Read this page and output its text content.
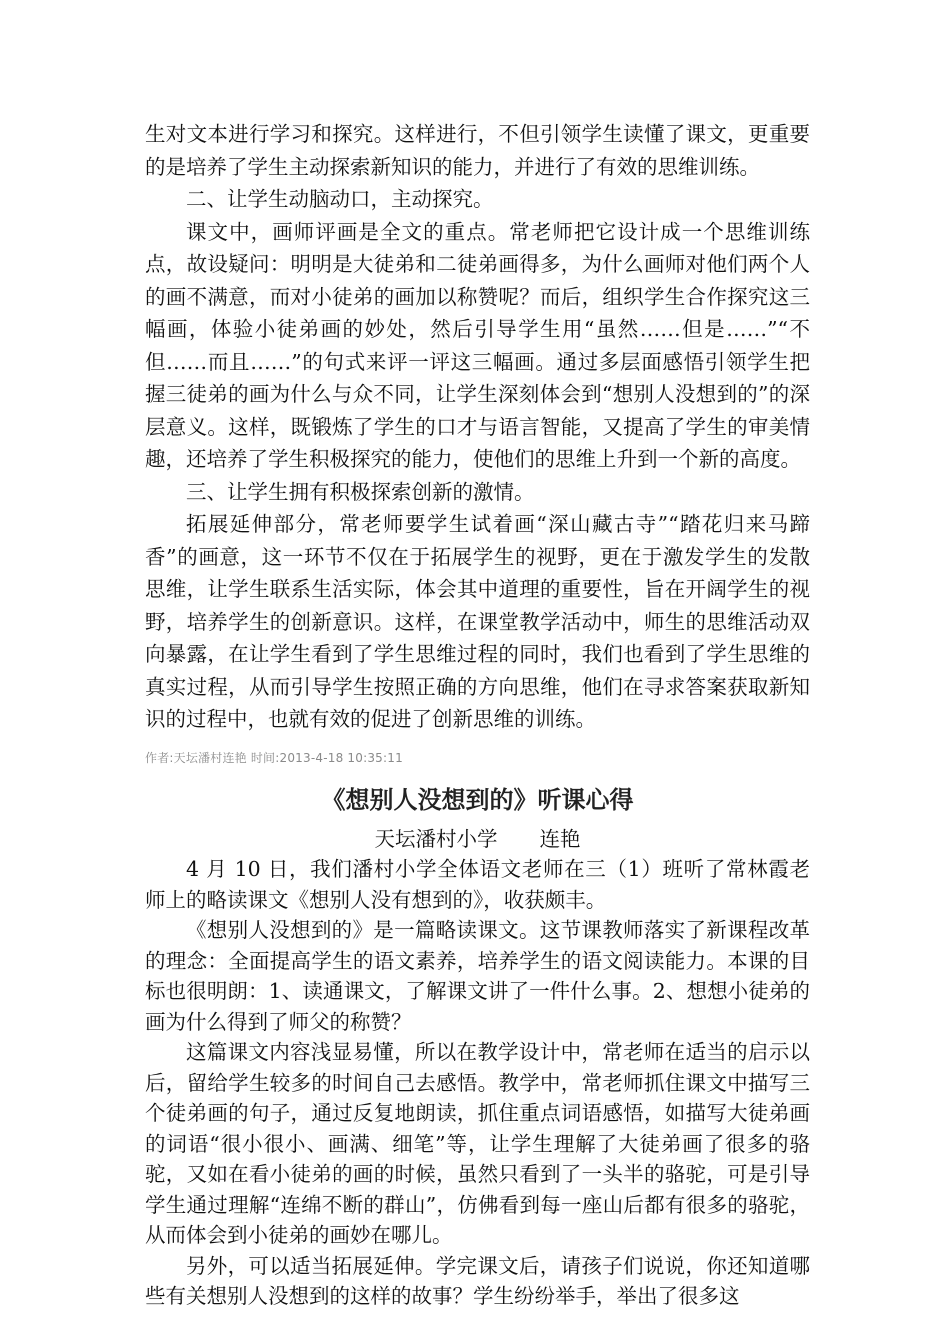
生对文本进行学习和探究。这样进行，不但引领学生读懂了课文，更重要的是培养了学生主动探索新知识的能力，并进行了有效的思维训练。

二、让学生动脑动口，主动探究。

课文中，画师评画是全文的重点。常老师把它设计成一个思维训练点，故设疑问：明明是大徒弟和二徒弟画得多，为什么画师对他们两个人的画不满意，而对小徒弟的画加以称赞呢？而后，组织学生合作探究这三幅画，体验小徒弟画的妙处，然后引导学生用“虽然……但是……”“不但……而且……”的句式来评一评这三幅画。通过多层面感悟引领学生把握三徒弟的画为什么与众不同，让学生深刻体会到“想别人没想到的”的深层意义。这样，既锻炼了学生的口才与语言智能，又提高了学生的审美情趣，还培养了学生积极探究的能力，使他们的思维上升到一个新的高度。

三、让学生拥有积极探索创新的激情。

拓展延伸部分，常老师要学生试着画“深山藏古寺”“踏花归来马蹄香”的画意，这一环节不仅在于拓展学生的视野，更在于激发学生的发散思维，让学生联系生活实际，体会其中道理的重要性，旨在开阔学生的视野，培养学生的创新意识。这样，在课堂教学活动中，师生的思维活动双向暴露，在让学生看到了学生思维过程的同时，我们也看到了学生思维的真实过程，从而引导学生按照正确的方向思维，他们在寻求答案获取新知识的过程中，也就有效的促进了创新思维的训练。

作者:天坛潘村连艳 时间:2013-4-18 10:35:11
《想别人没想到的》听课心得

天坛潘村小学 连艳

4 月 10 日，我们潘村小学全体语文老师在三（1）班听了常林霞老师上的略读课文《想别人没有想到的》，收获颇丰。

《想别人没想到的》是一篇略读课文。这节课教师落实了新课程改革的理念：全面提高学生的语文素养，培养学生的语文阅读能力。本课的目标也很明朗：1、读通课文，了解课文讲了一件什么事。2、想想小徒弟的画为什么得到了师父的称赞？

这篇课文内容浅显易懂，所以在教学设计中，常老师在适当的启示以后，留给学生较多的时间自己去感悟。教学中，常老师抓住课文中描写三个徒弟画的句子，通过反复地朗读，抓住重点词语感悟，如描写大徒弟画的词语“很小很小、画满、细笔”等，让学生理解了大徒弟画了很多的骆驼，又如在看小徒弟的画的时候，虽然只看到了一头半的骆驼，可是引导学生通过理解“连绵不断的群山”，仿佛看到每一座山后都有很多的骆驼，从而体会到小徒弟的画妙在哪儿。

另外，可以适当拓展延伸。学完课文后，请孩子们说说，你还知道哪些有关想别人没想到的这样的故事？学生纷纷举手，举出了很多这
